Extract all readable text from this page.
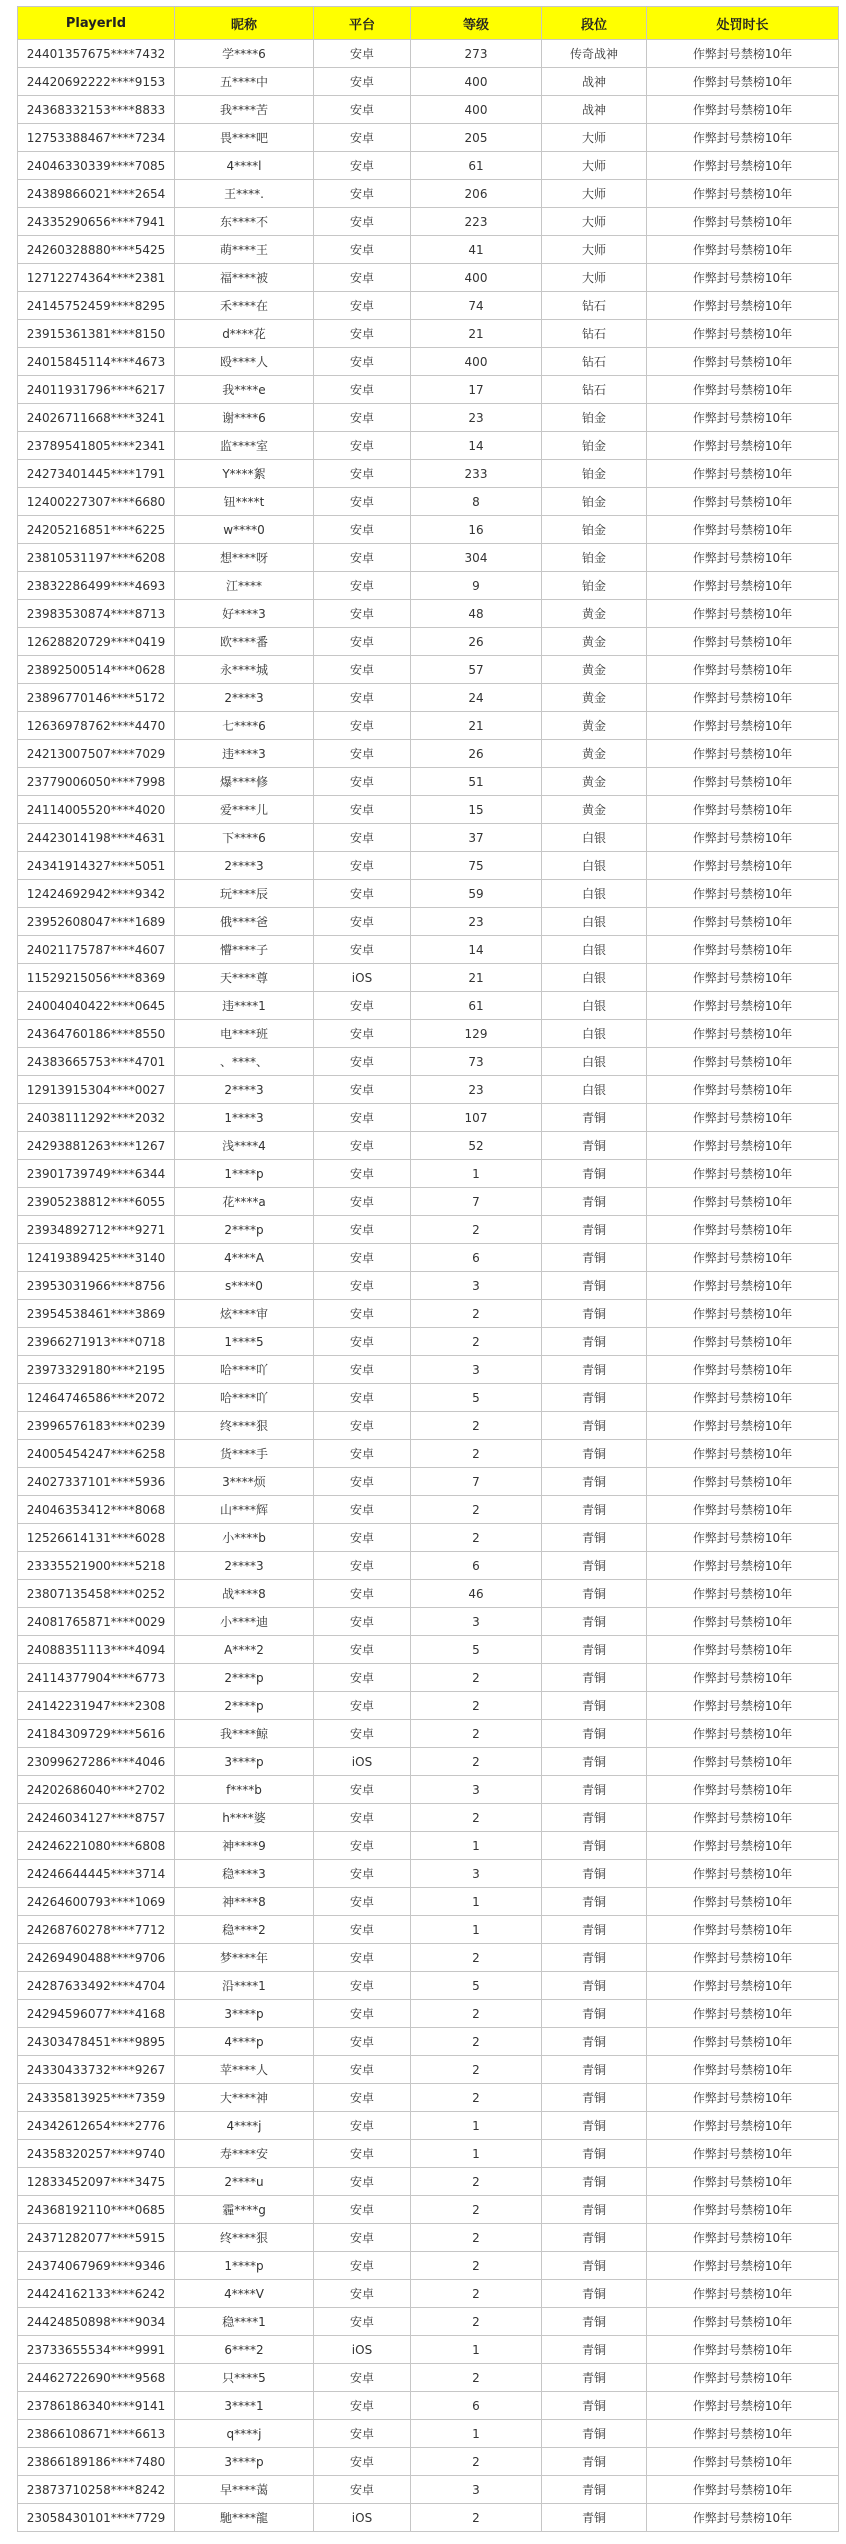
PlayerId	昵称	平台	等级	段位	处罚时长
24401357675****7432	学****6	安卓	273	传奇战神	作弊封号禁榜10年
24420692222****9153	五****中	安卓	400	战神	作弊封号禁榜10年
24368332153****8833	我****苦	安卓	400	战神	作弊封号禁榜10年
12753388467****7234	畏****吧	安卓	205	大师	作弊封号禁榜10年
24046330339****7085	4****l	安卓	61	大师	作弊封号禁榜10年
24389866021****2654	王****.	安卓	206	大师	作弊封号禁榜10年
24335290656****7941	东****不	安卓	223	大师	作弊封号禁榜10年
24260328880****5425	萌****王	安卓	41	大师	作弊封号禁榜10年
12712274364****2381	福****被	安卓	400	大师	作弊封号禁榜10年
24145752459****8295	禾****在	安卓	74	钻石	作弊封号禁榜10年
23915361381****8150	d****花	安卓	21	钻石	作弊封号禁榜10年
24015845114****4673	殴****人	安卓	400	钻石	作弊封号禁榜10年
24011931796****6217	我****e	安卓	17	钻石	作弊封号禁榜10年
24026711668****3241	谢****6	安卓	23	铂金	作弊封号禁榜10年
23789541805****2341	监****室	安卓	14	铂金	作弊封号禁榜10年
24273401445****1791	Y****絮	安卓	233	铂金	作弊封号禁榜10年
12400227307****6680	钮****t	安卓	8	铂金	作弊封号禁榜10年
24205216851****6225	w****0	安卓	16	铂金	作弊封号禁榜10年
23810531197****6208	想****呀	安卓	304	铂金	作弊封号禁榜10年
23832286499****4693	江****	安卓	9	铂金	作弊封号禁榜10年
23983530874****8713	好****3	安卓	48	黄金	作弊封号禁榜10年
12628820729****0419	欧****番	安卓	26	黄金	作弊封号禁榜10年
23892500514****0628	永****城	安卓	57	黄金	作弊封号禁榜10年
23896770146****5172	2****3	安卓	24	黄金	作弊封号禁榜10年
12636978762****4470	七****6	安卓	21	黄金	作弊封号禁榜10年
24213007507****7029	违****3	安卓	26	黄金	作弊封号禁榜10年
23779006050****7998	爆****修	安卓	51	黄金	作弊封号禁榜10年
24114005520****4020	爱****儿	安卓	15	黄金	作弊封号禁榜10年
24423014198****4631	下****6	安卓	37	白银	作弊封号禁榜10年
24341914327****5051	2****3	安卓	75	白银	作弊封号禁榜10年
12424692942****9342	玩****辰	安卓	59	白银	作弊封号禁榜10年
23952608047****1689	俄****爸	安卓	23	白银	作弊封号禁榜10年
24021175787****4607	懵****子	安卓	14	白银	作弊封号禁榜10年
11529215056****8369	天****尊	iOS	21	白银	作弊封号禁榜10年
24004040422****0645	违****1	安卓	61	白银	作弊封号禁榜10年
24364760186****8550	电****班	安卓	129	白银	作弊封号禁榜10年
24383665753****4701	、****、	安卓	73	白银	作弊封号禁榜10年
12913915304****0027	2****3	安卓	23	白银	作弊封号禁榜10年
24038111292****2032	1****3	安卓	107	青铜	作弊封号禁榜10年
24293881263****1267	浅****4	安卓	52	青铜	作弊封号禁榜10年
23901739749****6344	1****p	安卓	1	青铜	作弊封号禁榜10年
23905238812****6055	花****a	安卓	7	青铜	作弊封号禁榜10年
23934892712****9271	2****p	安卓	2	青铜	作弊封号禁榜10年
12419389425****3140	4****A	安卓	6	青铜	作弊封号禁榜10年
23953031966****8756	s****0	安卓	3	青铜	作弊封号禁榜10年
23954538461****3869	炫****审	安卓	2	青铜	作弊封号禁榜10年
23966271913****0718	1****5	安卓	2	青铜	作弊封号禁榜10年
23973329180****2195	哈****吖	安卓	3	青铜	作弊封号禁榜10年
12464746586****2072	哈****吖	安卓	5	青铜	作弊封号禁榜10年
23996576183****0239	终****狠	安卓	2	青铜	作弊封号禁榜10年
24005454247****6258	货****手	安卓	2	青铜	作弊封号禁榜10年
24027337101****5936	3****烦	安卓	7	青铜	作弊封号禁榜10年
24046353412****8068	山****辉	安卓	2	青铜	作弊封号禁榜10年
12526614131****6028	小****b	安卓	2	青铜	作弊封号禁榜10年
23335521900****5218	2****3	安卓	6	青铜	作弊封号禁榜10年
23807135458****0252	战****8	安卓	46	青铜	作弊封号禁榜10年
24081765871****0029	小****迪	安卓	3	青铜	作弊封号禁榜10年
24088351113****4094	A****2	安卓	5	青铜	作弊封号禁榜10年
24114377904****6773	2****p	安卓	2	青铜	作弊封号禁榜10年
24142231947****2308	2****p	安卓	2	青铜	作弊封号禁榜10年
24184309729****5616	我****鲸	安卓	2	青铜	作弊封号禁榜10年
23099627286****4046	3****p	iOS	2	青铜	作弊封号禁榜10年
24202686040****2702	f****b	安卓	3	青铜	作弊封号禁榜10年
24246034127****8757	h****婆	安卓	2	青铜	作弊封号禁榜10年
24246221080****6808	神****9	安卓	1	青铜	作弊封号禁榜10年
24246644445****3714	稳****3	安卓	3	青铜	作弊封号禁榜10年
24264600793****1069	神****8	安卓	1	青铜	作弊封号禁榜10年
24268760278****7712	稳****2	安卓	1	青铜	作弊封号禁榜10年
24269490488****9706	梦****年	安卓	2	青铜	作弊封号禁榜10年
24287633492****4704	沿****1	安卓	5	青铜	作弊封号禁榜10年
24294596077****4168	3****p	安卓	2	青铜	作弊封号禁榜10年
24303478451****9895	4****p	安卓	2	青铜	作弊封号禁榜10年
24330433732****9267	苹****人	安卓	2	青铜	作弊封号禁榜10年
24335813925****7359	大****神	安卓	2	青铜	作弊封号禁榜10年
24342612654****2776	4****j	安卓	1	青铜	作弊封号禁榜10年
24358320257****9740	寿****安	安卓	1	青铜	作弊封号禁榜10年
12833452097****3475	2****u	安卓	2	青铜	作弊封号禁榜10年
24368192110****0685	霾****g	安卓	2	青铜	作弊封号禁榜10年
24371282077****5915	终****狠	安卓	2	青铜	作弊封号禁榜10年
24374067969****9346	1****p	安卓	2	青铜	作弊封号禁榜10年
24424162133****6242	4****V	安卓	2	青铜	作弊封号禁榜10年
24424850898****9034	稳****1	安卓	2	青铜	作弊封号禁榜10年
23733655534****9991	6****2	iOS	1	青铜	作弊封号禁榜10年
24462722690****9568	只****5	安卓	2	青铜	作弊封号禁榜10年
23786186340****9141	3****1	安卓	6	青铜	作弊封号禁榜10年
23866108671****6613	q****j	安卓	1	青铜	作弊封号禁榜10年
23866189186****7480	3****p	安卓	2	青铜	作弊封号禁榜10年
23873710258****8242	早****蔼	安卓	3	青铜	作弊封号禁榜10年
23058430101****7729	馳****龍	iOS	2	青铜	作弊封号禁榜10年
